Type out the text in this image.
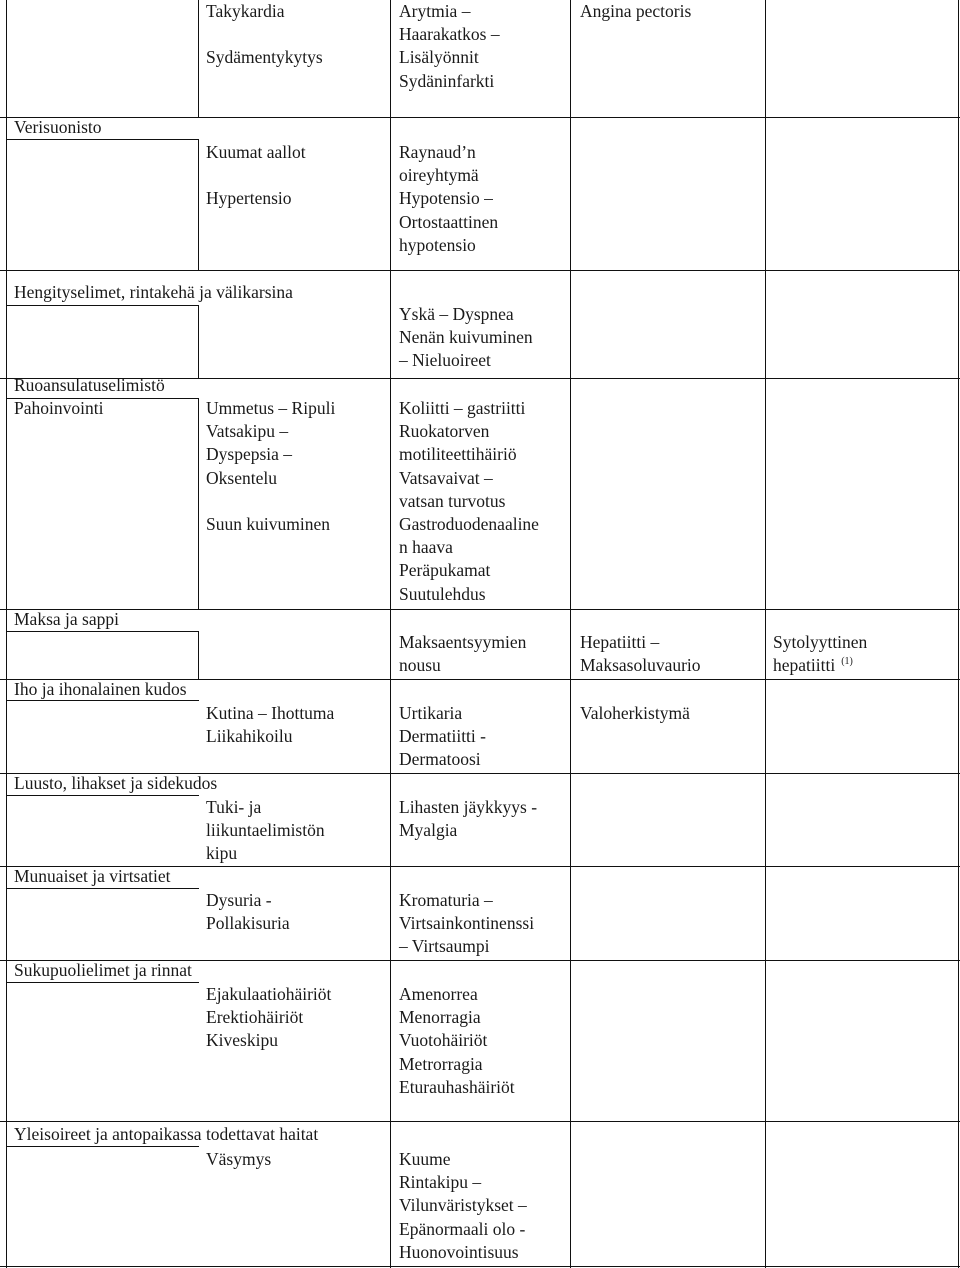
Takykardia
Sydämentykytys
Arytmia –
Haarakatkos –
Lisälyönnit
Sydäninfarkti
Angina pectoris
Verisuonisto
Kuumat aallot
Hypertensio
Raynaud’n
oireyhtymä
Hypotensio –
Ortostaattinen
hypotensio
Hengityselimet, rintakehä ja välikarsina
Yskä – Dyspnea
Nenän kuivuminen
– Nieluoireet
Ruoansulatuselimistö
Pahoinvointi	Ummetus – Ripuli
Vatsakipu –
Dyspepsia –
Oksentelu
Suun kuivuminen
Koliitti – gastriitti
Ruokatorven
motiliteettihäiriö
Vatsavaivat –
vatsan turvotus
Gastroduodenaaline
n haava
Peräpukamat
Suutulehdus
Maksa ja sappi
Maksaentsyymien
nousu
Hepatiitti –
Maksasoluvaurio
Sytolyyttinen
hepatiitti $^{(1)}$
Iho ja ihonalainen kudos
Kutina – Ihottuma
Liikahikoilu
Urtikaria
Dermatiitti -
Dermatoosi
Valoherkistymä
Luusto, lihakset ja sidekudos
Tuki- ja
liikuntaelimistön
kipu
Lihasten jäykkyys -
Myalgia
Munuaiset ja virtsatiet
Dysuria -
Pollakisuria
Kromaturia –
Virtsainkontinenssi
– Virtsaumpi
Sukupuolielimet ja rinnat
Ejakulaatiohäiriöt
Erektiohäiriöt
Kiveskipu
Amenorrea
Menorragia
Vuotohäiriöt
Metrorragia
Eturauhashäiriöt
Yleisoireet ja antopaikassa todettavat haitat
Väsymys	Kuume
Rintakipu –
Vilunväristykset –
Epänormaali olo -
Huonovointisuus
